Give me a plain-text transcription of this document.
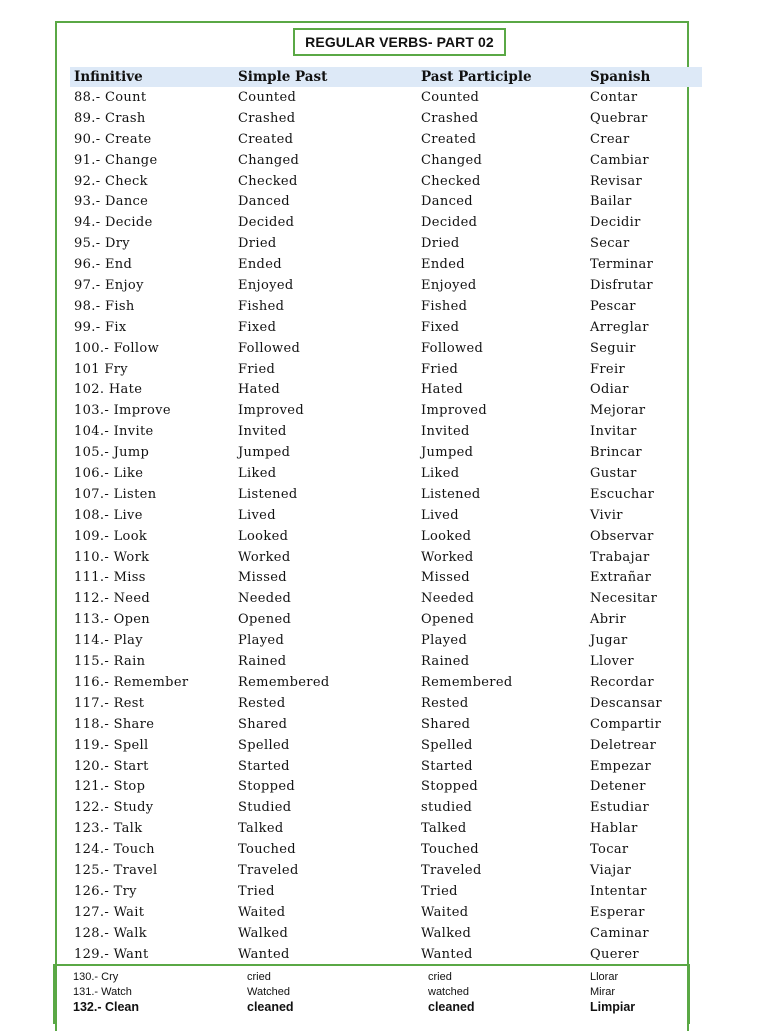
REGULAR VERBS- PART 02
Infinitive	Simple Past	Past Participle	Spanish
88.- Count	Counted	Counted	Contar
89.- Crash	Crashed	Crashed	Quebrar
90.- Create	Created	Created	Crear
91.- Change	Changed	Changed	Cambiar
92.- Check	Checked	Checked	Revisar
93.- Dance	Danced	Danced	Bailar
94.- Decide	Decided	Decided	Decidir
95.- Dry	Dried	Dried	Secar
96.- End	Ended	Ended	Terminar
97.- Enjoy	Enjoyed	Enjoyed	Disfrutar
98.- Fish	Fished	Fished	Pescar
99.- Fix	Fixed	Fixed	Arreglar
100.- Follow	Followed	Followed	Seguir
101 Fry	Fried	Fried	Freir
102. Hate	Hated	Hated	Odiar
103.- Improve	Improved	Improved	Mejorar
104.- Invite	Invited	Invited	Invitar
105.- Jump	Jumped	Jumped	Brincar
106.- Like	Liked	Liked	Gustar
107.- Listen	Listened	Listened	Escuchar
108.- Live	Lived	Lived	Vivir
109.- Look	Looked	Looked	Observar
110.- Work	Worked	Worked	Trabajar
111.- Miss	Missed	Missed	Extrañar
112.- Need	Needed	Needed	Necesitar
113.- Open	Opened	Opened	Abrir
114.- Play	Played	Played	Jugar
115.- Rain	Rained	Rained	Llover
116.- Remember	Remembered	Remembered	Recordar
117.- Rest	Rested	Rested	Descansar
118.- Share	Shared	Shared	Compartir
119.- Spell	Spelled	Spelled	Deletrear
120.- Start	Started	Started	Empezar
121.- Stop	Stopped	Stopped	Detener
122.- Study	Studied	studied	Estudiar
123.- Talk	Talked	Talked	Hablar
124.- Touch	Touched	Touched	Tocar
125.- Travel	Traveled	Traveled	Viajar
126.- Try	Tried	Tried	Intentar
127.- Wait	Waited	Waited	Esperar
128.- Walk	Walked	Walked	Caminar
129.- Want	Wanted	Wanted	Querer
130.- Cry	cried	cried	Llorar
131.- Watch	Watched	watched	Mirar
132.- Clean	cleaned	cleaned	Limpiar
